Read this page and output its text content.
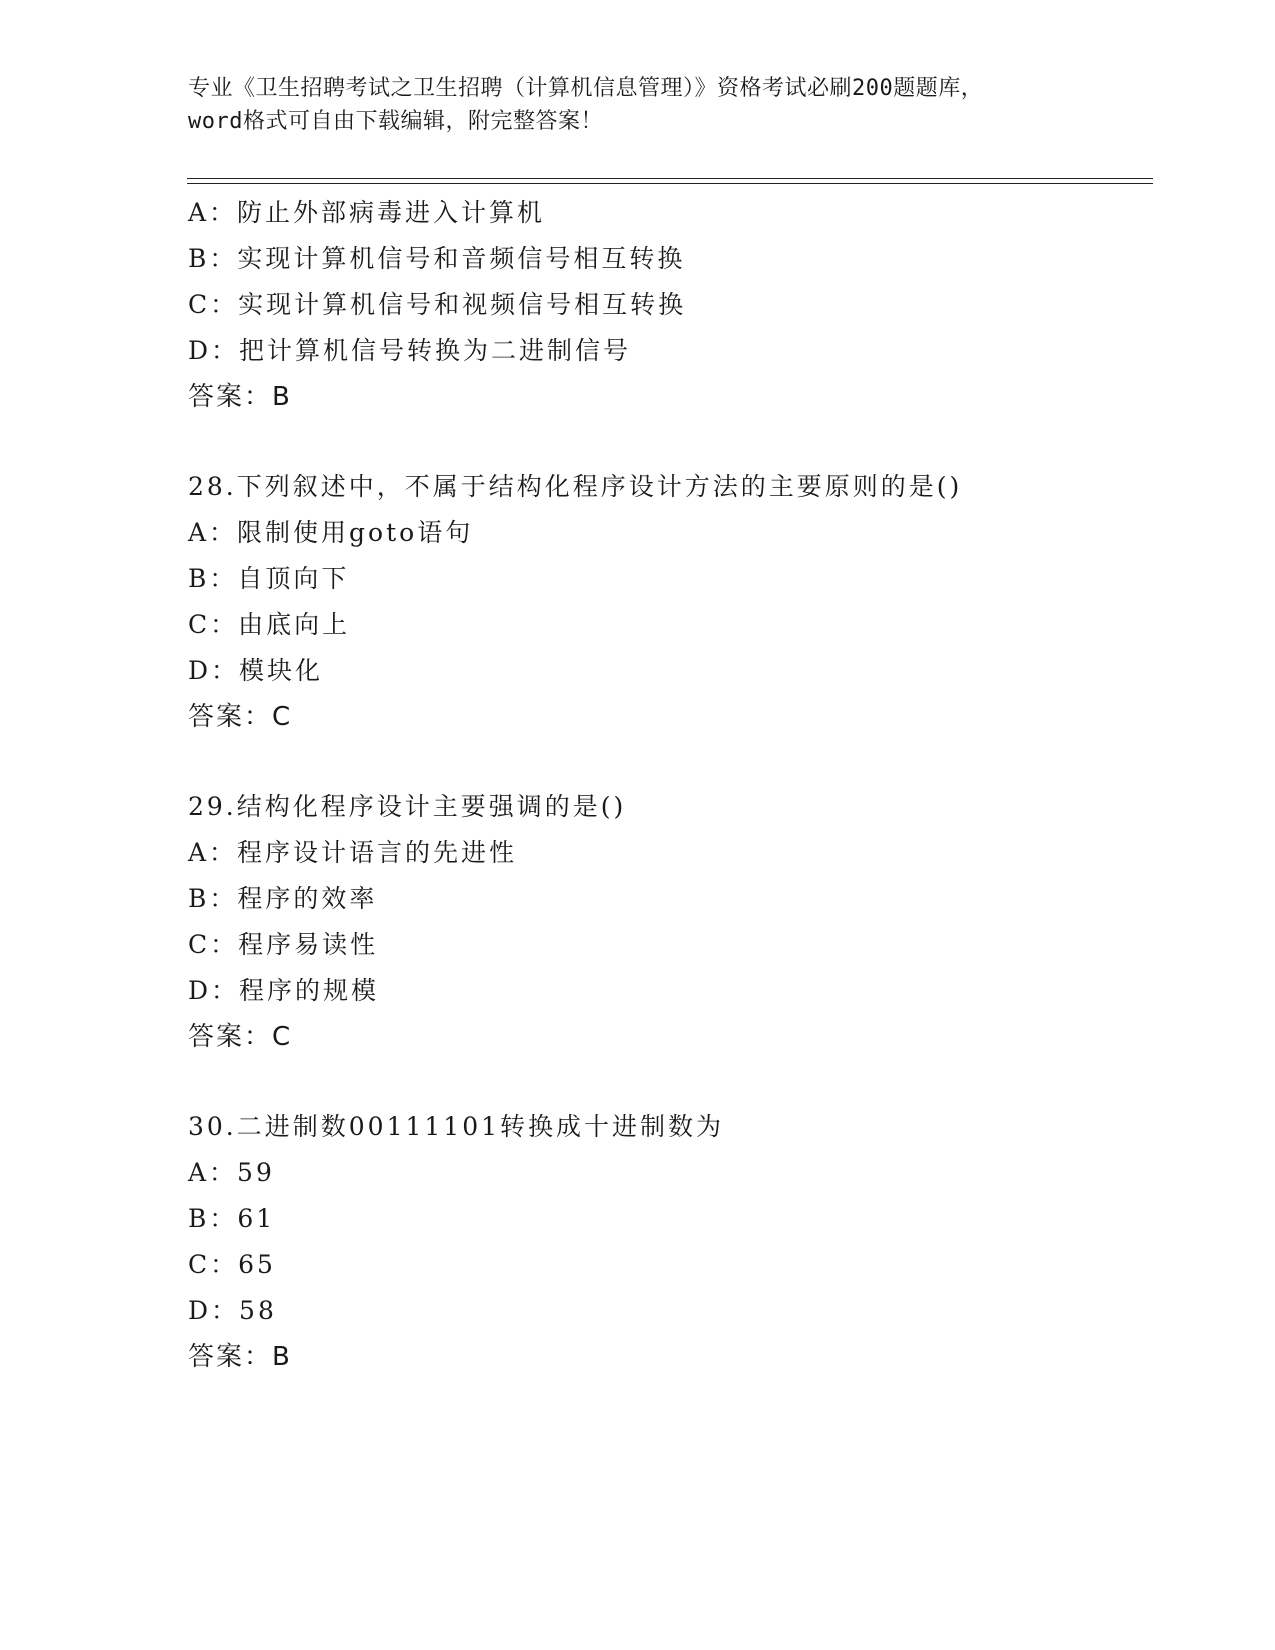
专业《卫生招聘考试之卫生招聘（计算机信息管理）》资格考试必刷200题题库，

word格式可自由下载编辑，附完整答案！

A：防止外部病毒进入计算机
B：实现计算机信号和音频信号相互转换
C：实现计算机信号和视频信号相互转换
D：把计算机信号转换为二进制信号
答案：B
28.下列叙述中，不属于结构化程序设计方法的主要原则的是()
A：限制使用goto语句
B：自顶向下
C：由底向上
D：模块化
答案：C
29.结构化程序设计主要强调的是()
A：程序设计语言的先进性
B：程序的效率
C：程序易读性
D：程序的规模
答案：C
30.二进制数00111101转换成十进制数为
A：59
B：61
C：65
D：58
答案：B
